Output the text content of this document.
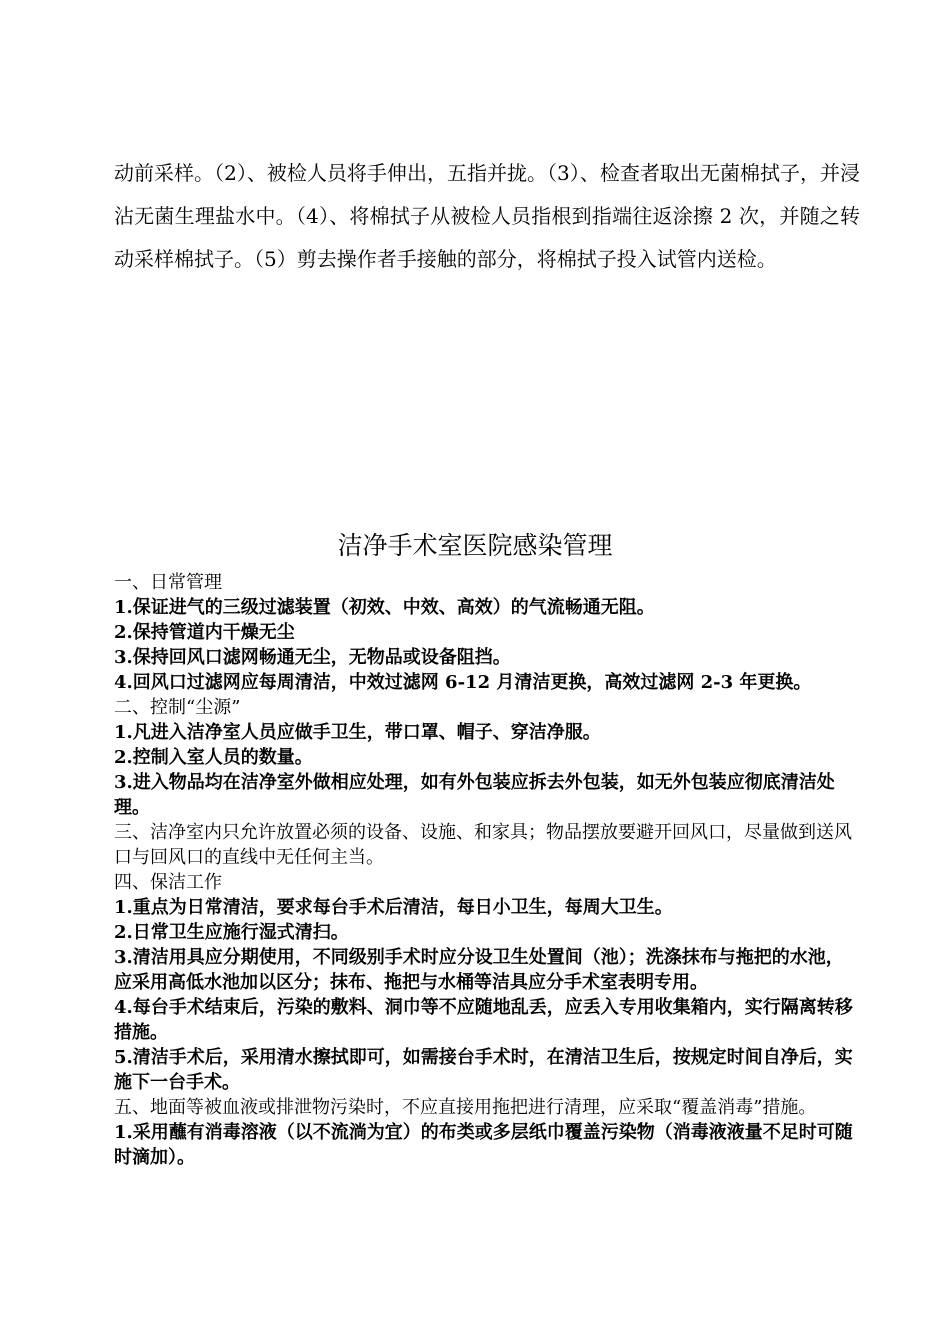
动前采样。（2）、被检人员将手伸出，五指并拢。（3）、检查者取出无菌棉拭子，并浸沾无菌生理盐水中。（4）、将棉拭子从被检人员指根到指端往返涂擦 2 次，并随之转动采样棉拭子。（5）剪去操作者手接触的部分，将棉拭子投入试管内送检。

洁净手术室医院感染管理

一、日常管理

1.保证进气的三级过滤装置（初效、中效、高效）的气流畅通无阻。

2.保持管道内干燥无尘

3.保持回风口滤网畅通无尘，无物品或设备阻挡。

4.回风口过滤网应每周清洁，中效过滤网 6-12 月清洁更换，高效过滤网 2-3 年更换。

二、控制“尘源”

1.凡进入洁净室人员应做手卫生，带口罩、帽子、穿洁净服。

2.控制入室人员的数量。

3.进入物品均在洁净室外做相应处理，如有外包装应拆去外包装，如无外包装应彻底清洁处理。

三、洁净室内只允许放置必须的设备、设施、和家具；物品摆放要避开回风口，尽量做到送风口与回风口的直线中无任何主当。

四、保洁工作

1.重点为日常清洁，要求每台手术后清洁，每日小卫生，每周大卫生。

2.日常卫生应施行湿式清扫。

3.清洁用具应分期使用，不同级别手术时应分设卫生处置间（池）；洗涤抹布与拖把的水池，应采用高低水池加以区分；抹布、拖把与水桶等洁具应分手术室表明专用。

4.每台手术结束后，污染的敷料、洞巾等不应随地乱丢，应丢入专用收集箱内，实行隔离转移措施。

5.清洁手术后，采用清水擦拭即可，如需接台手术时，在清洁卫生后，按规定时间自净后，实施下一台手术。

五、地面等被血液或排泄物污染时，不应直接用拖把进行清理，应采取“覆盖消毒”措施。

1.采用蘸有消毒溶液（以不流淌为宜）的布类或多层纸巾覆盖污染物（消毒液液量不足时可随时滴加）。
